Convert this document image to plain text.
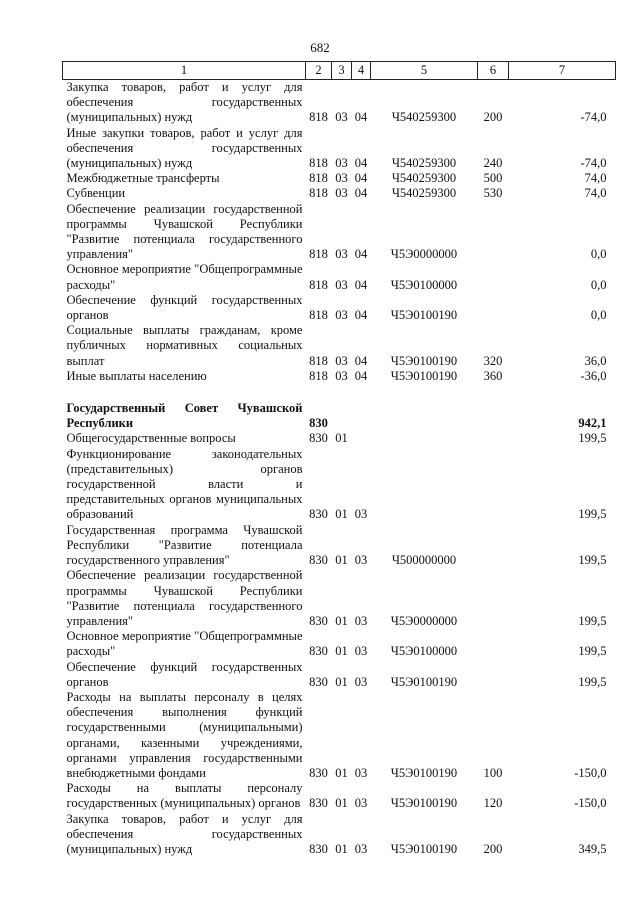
682
1	2	3	4	5	6	7
Закупка товаров, работ и услуг для обеспечения государственных (муниципальных) нужд	818	03	04	Ч540259300	200	-74,0
Иные закупки товаров, работ и услуг для обеспечения государственных (муниципальных) нужд	818	03	04	Ч540259300	240	-74,0
Межбюджетные трансферты	818	03	04	Ч540259300	500	74,0
Субвенции	818	03	04	Ч540259300	530	74,0
Обеспечение реализации государственной программы Чувашской Республики "Развитие потенциала государственного управления"	818	03	04	Ч5Э0000000		0,0
Основное мероприятие "Общепрограммные расходы"	818	03	04	Ч5Э0100000		0,0
Обеспечение функций государственных органов	818	03	04	Ч5Э0100190		0,0
Социальные выплаты гражданам, кроме публичных нормативных социальных выплат	818	03	04	Ч5Э0100190	320	36,0
Иные выплаты населению	818	03	04	Ч5Э0100190	360	-36,0

Государственный Совет Чувашской Республики	830					942,1
Общегосударственные вопросы	830	01				199,5
Функционирование законодательных (представительных) органов государственной власти и представительных органов муниципальных образований	830	01	03			199,5
Государственная программа Чувашской Республики "Развитие потенциала государственного управления"	830	01	03	Ч500000000		199,5
Обеспечение реализации государственной программы Чувашской Республики "Развитие потенциала государственного управления"	830	01	03	Ч5Э0000000		199,5
Основное мероприятие "Общепрограммные расходы"	830	01	03	Ч5Э0100000		199,5
Обеспечение функций государственных органов	830	01	03	Ч5Э0100190		199,5
Расходы на выплаты персоналу в целях обеспечения выполнения функций государственными (муниципальными) органами, казенными учреждениями, органами управления государственными внебюджетными фондами	830	01	03	Ч5Э0100190	100	-150,0
Расходы на выплаты персоналу государственных (муниципальных) органов	830	01	03	Ч5Э0100190	120	-150,0
Закупка товаров, работ и услуг для обеспечения государственных (муниципальных) нужд	830	01	03	Ч5Э0100190	200	349,5
